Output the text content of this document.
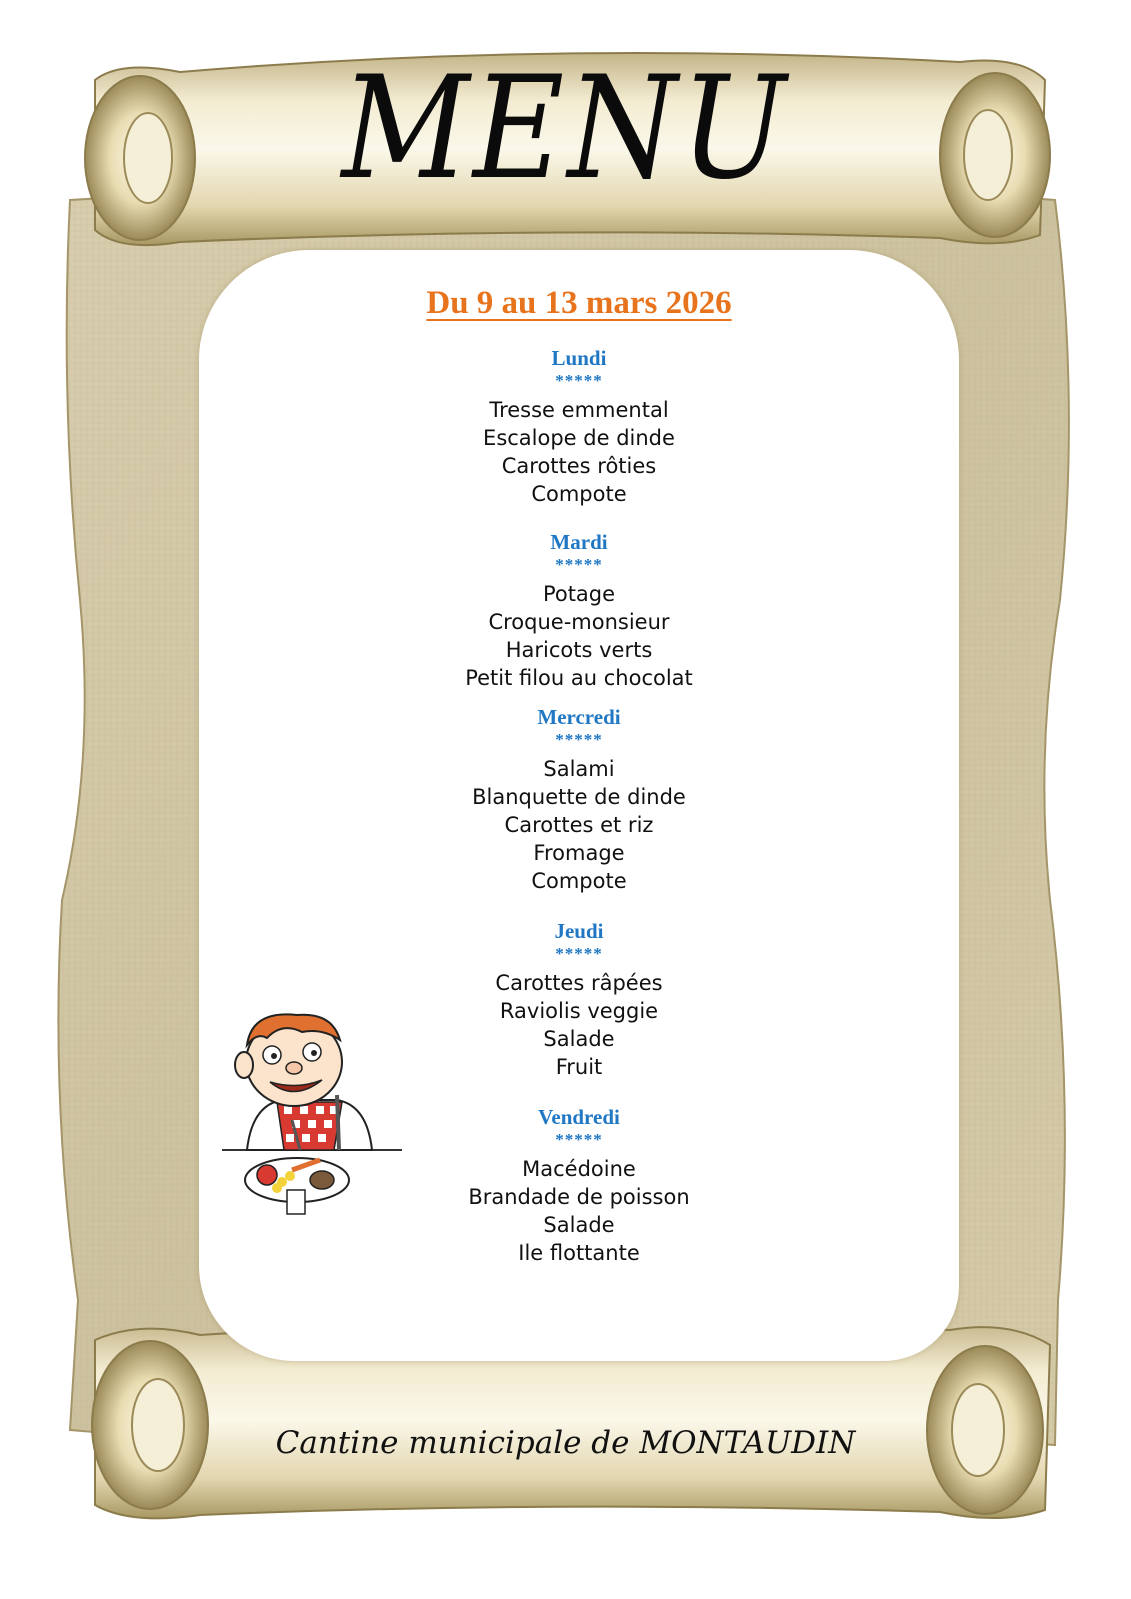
MENU
Du 9 au 13 mars 2026
Lundi
*****
Tresse emmental
Escalope de dinde
Carottes rôties
Compote
Mardi
*****
Potage
Croque-monsieur
Haricots verts
Petit filou au chocolat
Mercredi
*****
Salami
Blanquette de dinde
Carottes et riz
Fromage
Compote
Jeudi
*****
Carottes râpées
Raviolis veggie
Salade
Fruit
Vendredi
*****
Macédoine
Brandade de poisson
Salade
Ile flottante
Cantine municipale de MONTAUDIN
